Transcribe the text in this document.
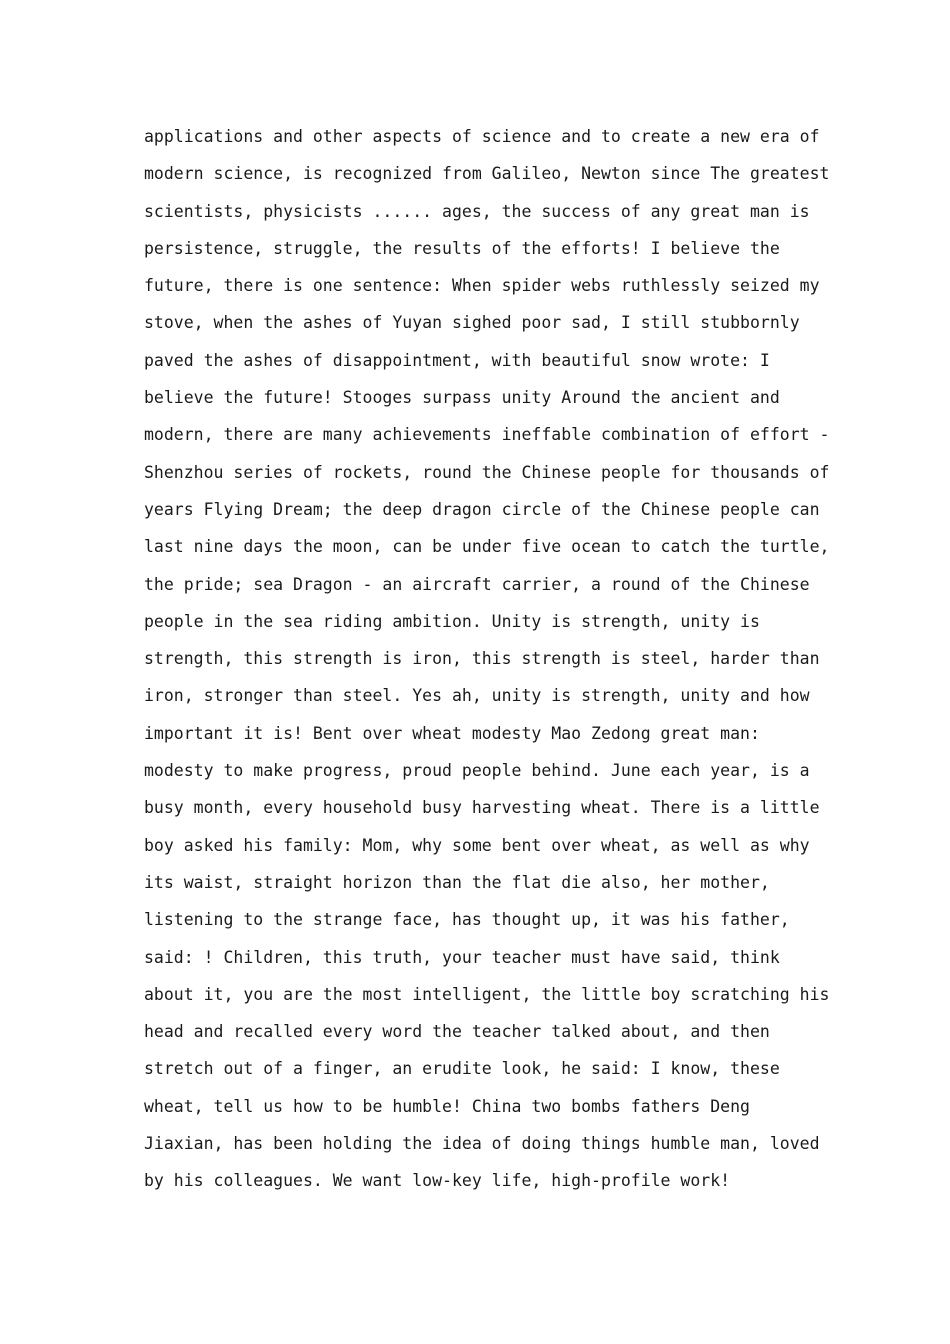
applications and other aspects of science and to create a new era of
modern science, is recognized from Galileo, Newton since The greatest
scientists, physicists ...... ages, the success of any great man is
persistence, struggle, the results of the efforts! I believe the
future, there is one sentence: When spider webs ruthlessly seized my
stove, when the ashes of Yuyan sighed poor sad, I still stubbornly
paved the ashes of disappointment, with beautiful snow wrote: I
believe the future! Stooges surpass unity Around the ancient and
modern, there are many achievements ineffable combination of effort -
Shenzhou series of rockets, round the Chinese people for thousands of
years Flying Dream; the deep dragon circle of the Chinese people can
last nine days the moon, can be under five ocean to catch the turtle,
the pride; sea Dragon - an aircraft carrier, a round of the Chinese
people in the sea riding ambition. Unity is strength, unity is
strength, this strength is iron, this strength is steel, harder than
iron, stronger than steel. Yes ah, unity is strength, unity and how
important it is! Bent over wheat modesty Mao Zedong great man:
modesty to make progress, proud people behind. June each year, is a
busy month, every household busy harvesting wheat. There is a little
boy asked his family: Mom, why some bent over wheat, as well as why
its waist, straight horizon than the flat die also, her mother,
listening to the strange face, has thought up, it was his father,
said: ! Children, this truth, your teacher must have said, think
about it, you are the most intelligent, the little boy scratching his
head and recalled every word the teacher talked about, and then
stretch out of a finger, an erudite look, he said: I know, these
wheat, tell us how to be humble! China two bombs fathers Deng
Jiaxian, has been holding the idea of doing things humble man, loved
by his colleagues. We want low-key life, high-profile work!
